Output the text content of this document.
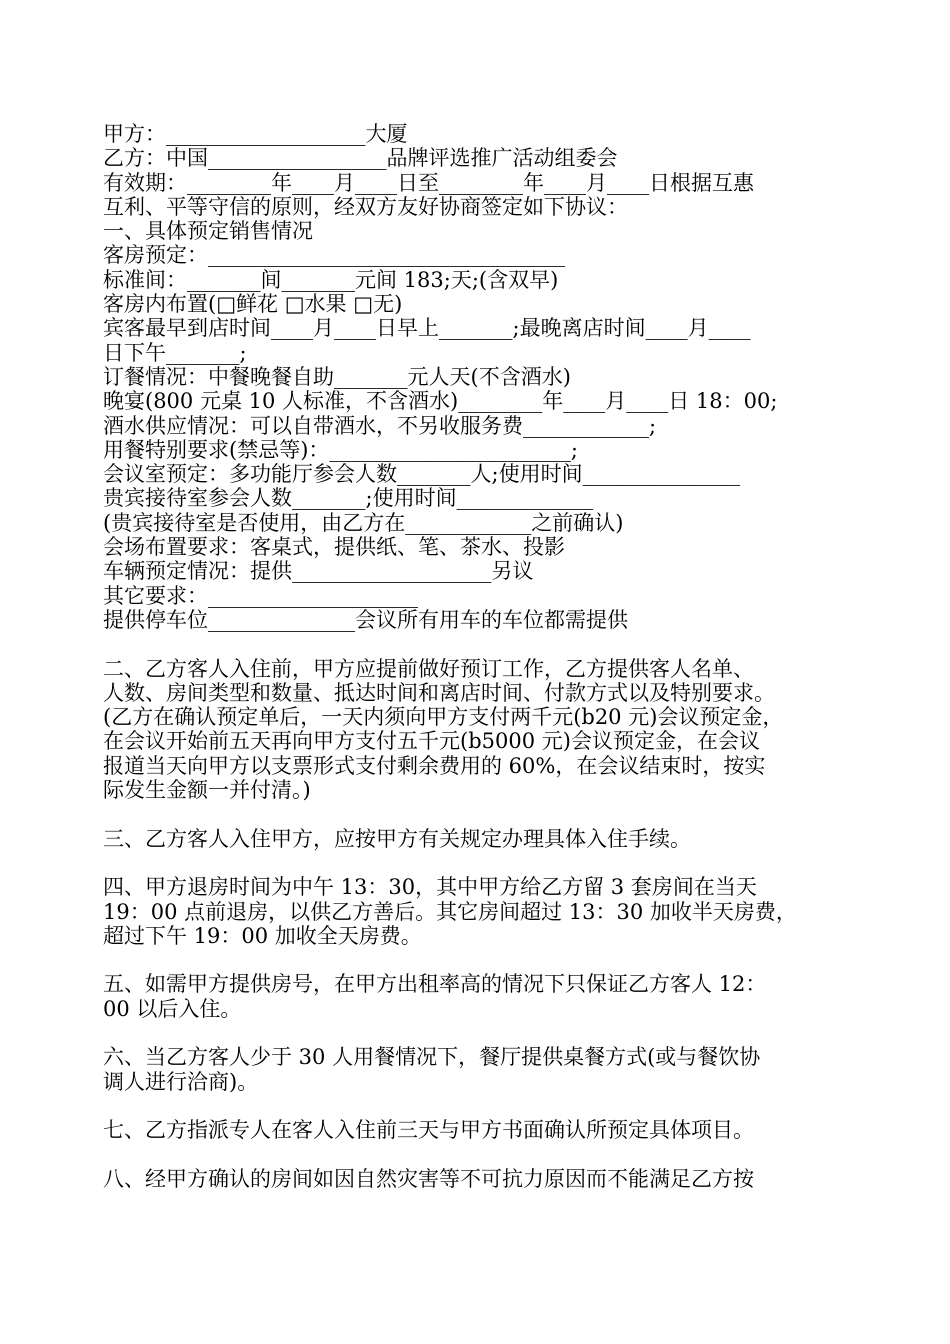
甲方：___________________大厦
乙方：中国_________________品牌评选推广活动组委会
有效期：________年____月____日至________年____月____日根据互惠
互利、平等守信的原则，经双方友好协商签定如下协议：
一、具体预定销售情况
客房预定：__________________________________
标准间：_______间_______元间 183;天;(含双早)
客房内布置(□鲜花 □水果 □无)
宾客最早到店时间____月____日早上_______;最晚离店时间____月____
日下午_______;
订餐情况：中餐晚餐自助_______元人天(不含酒水)
晚宴(800 元桌 10 人标准，不含酒水)________年____月____日 18：00;
酒水供应情况：可以自带酒水，不另收服务费____________;
用餐特别要求(禁忌等)：_______________________;
会议室预定：多功能厅参会人数_______人;使用时间_______________
贵宾接待室参会人数_______;使用时间_____________
(贵宾接待室是否使用，由乙方在____________之前确认)
会场布置要求：客桌式，提供纸、笔、茶水、投影
车辆预定情况：提供___________________另议
其它要求：____________________
提供停车位______________会议所有用车的车位都需提供
二、乙方客人入住前，甲方应提前做好预订工作，乙方提供客人名单、
人数、房间类型和数量、抵达时间和离店时间、付款方式以及特别要求。
(乙方在确认预定单后，一天内须向甲方支付两千元(b20 元)会议预定金，
在会议开始前五天再向甲方支付五千元(b5000 元)会议预定金，在会议
报道当天向甲方以支票形式支付剩余费用的 60%，在会议结束时，按实
际发生金额一并付清。)
三、乙方客人入住甲方，应按甲方有关规定办理具体入住手续。
四、甲方退房时间为中午 13：30，其中甲方给乙方留 3 套房间在当天
19：00 点前退房，以供乙方善后。其它房间超过 13：30 加收半天房费，
超过下午 19：00 加收全天房费。
五、如需甲方提供房号，在甲方出租率高的情况下只保证乙方客人 12：
00 以后入住。
六、当乙方客人少于 30 人用餐情况下，餐厅提供桌餐方式(或与餐饮协
调人进行洽商)。
七、乙方指派专人在客人入住前三天与甲方书面确认所预定具体项目。
八、经甲方确认的房间如因自然灾害等不可抗力原因而不能满足乙方按
